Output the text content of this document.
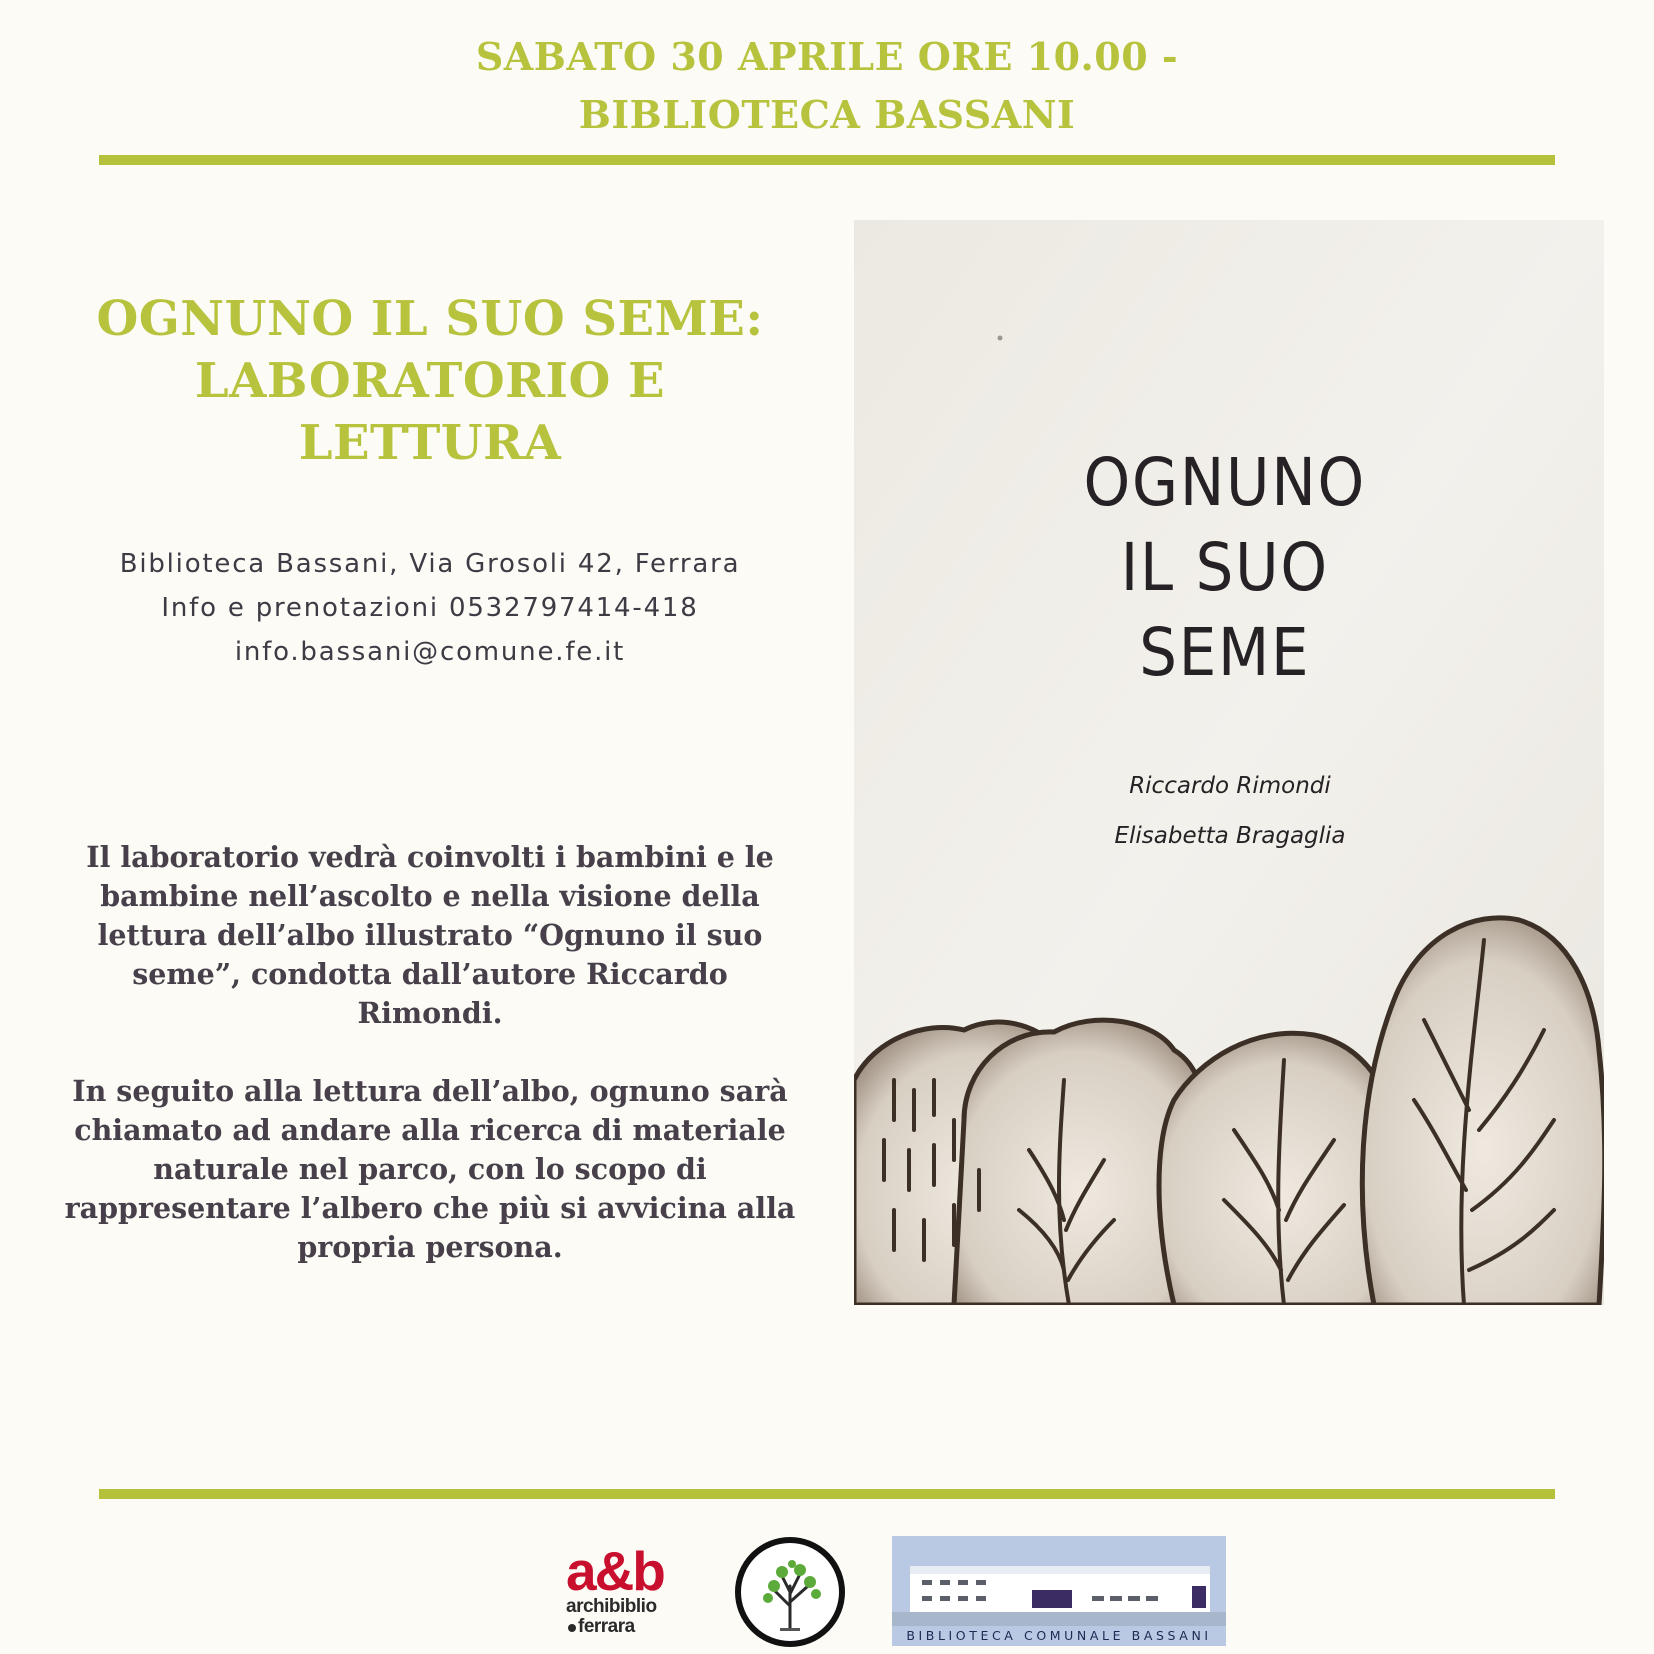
SABATO 30 APRILE ORE 10.00 -
BIBLIOTECA BASSANI
OGNUNO IL SUO SEME:
LABORATORIO E
LETTURA
Biblioteca Bassani, Via Grosoli 42, Ferrara
Info e prenotazioni 0532797414-418
info.bassani@comune.fe.it

Il laboratorio vedrà coinvolti i bambini e le bambine nell’ascolto e nella visione della lettura dell’albo illustrato “Ognuno il suo seme”, condotta dall’autore Riccardo Rimondi.

In seguito alla lettura dell’albo, ognuno sarà chiamato ad andare alla ricerca di materiale naturale nel parco, con lo scopo di rappresentare l’albero che più si avvicina alla propria persona.

OGNUNO
IL SUO
SEME
Riccardo Rimondi
Elisabetta Bragaglia
a&b
archibiblio
ferrara	BIBLIOTECA COMUNALE BASSANI
